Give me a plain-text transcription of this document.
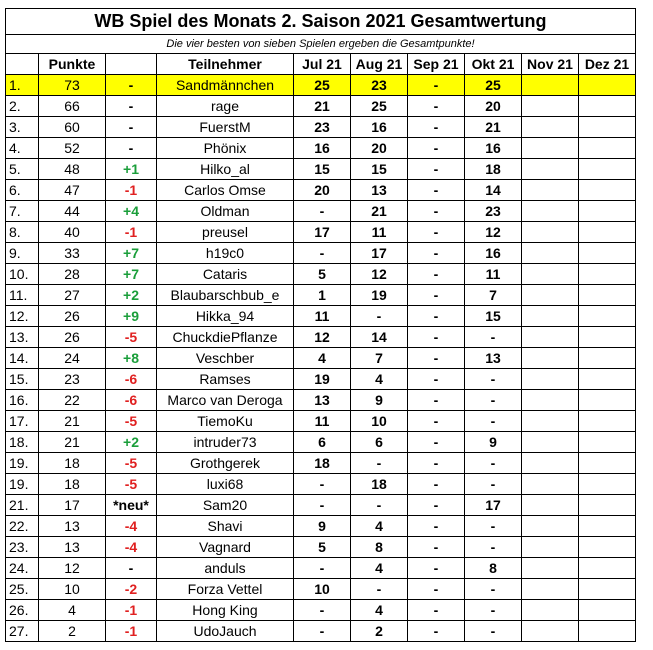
WB Spiel des Monats 2. Saison 2021 Gesamtwertung									
Die vier besten von sieben Spielen ergeben die Gesamtpunkte!									
	Punkte		Teilnehmer	Jul 21	Aug 21	Sep 21	Okt 21	Nov 21	Dez 21
1.	73	-	Sandmännchen	25	23	-	25		
2.	66	-	rage	21	25	-	20		
3.	60	-	FuerstM	23	16	-	21		
4.	52	-	Phönix	16	20	-	16		
5.	48	+1	Hilko_al	15	15	-	18		
6.	47	-1	Carlos Omse	20	13	-	14		
7.	44	+4	Oldman	-	21	-	23		
8.	40	-1	preusel	17	11	-	12		
9.	33	+7	h19c0	-	17	-	16		
10.	28	+7	Cataris	5	12	-	11		
11.	27	+2	Blaubarschbub_e	1	19	-	7		
12.	26	+9	Hikka_94	11	-	-	15		
13.	26	-5	ChuckdiePflanze	12	14	-	-		
14.	24	+8	Veschber	4	7	-	13		
15.	23	-6	Ramses	19	4	-	-		
16.	22	-6	Marco van Deroga	13	9	-	-		
17.	21	-5	TiemoKu	11	10	-	-		
18.	21	+2	intruder73	6	6	-	9		
19.	18	-5	Grothgerek	18	-	-	-		
19.	18	-5	luxi68	-	18	-	-		
21.	17	*neu*	Sam20	-	-	-	17		
22.	13	-4	Shavi	9	4	-	-		
23.	13	-4	Vagnard	5	8	-	-		
24.	12	-	anduls	-	4	-	8		
25.	10	-2	Forza Vettel	10	-	-	-		
26.	4	-1	Hong King	-	4	-	-		
27.	2	-1	UdoJauch	-	2	-	-		
